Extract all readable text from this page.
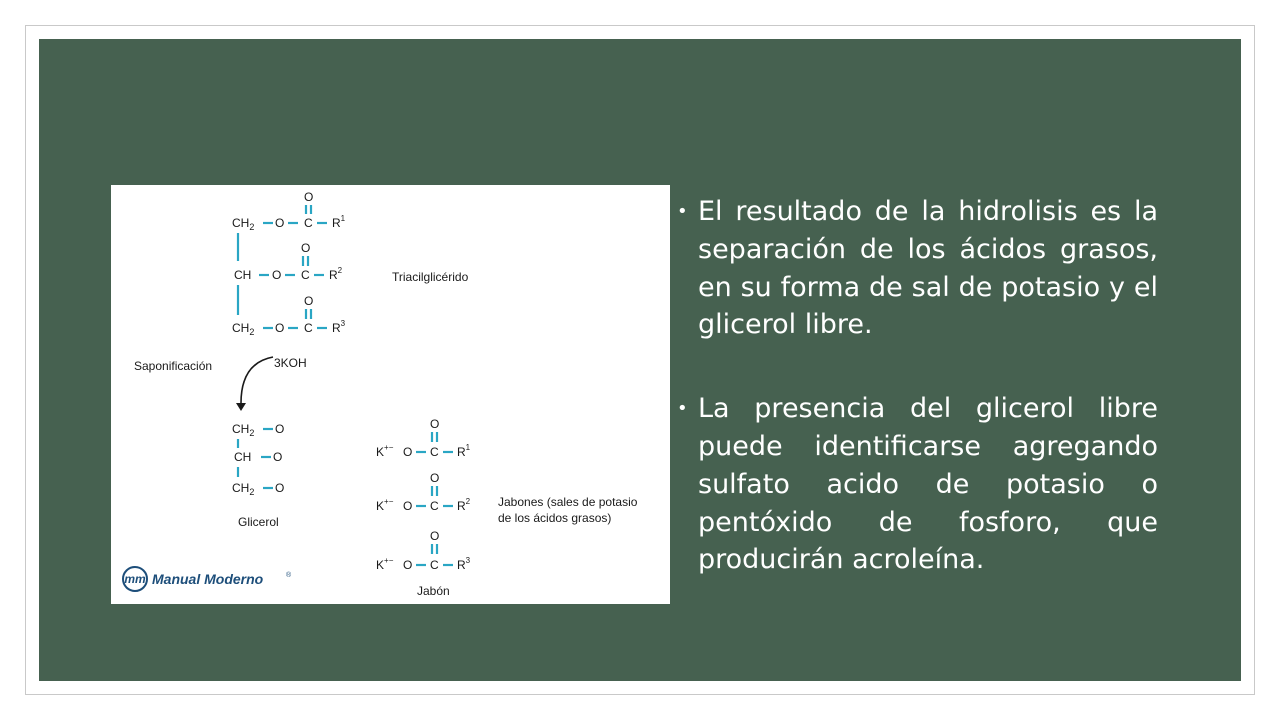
$CH_2$ O C $R^1$
O
CH O C $R^2$
O
$CH_2$ O C $R^3$
O
Triacilglicérido
Saponificación	3KOH
$CH_2$ O
CH O
$CH_2$ O
Glicerol
K+− O C $R^1$
O
K+− O C $R^2$
O
K+− O C $R^3$
O
Jabones (sales de potasio
de los ácidos grasos)
Jabón
mm Manual Moderno	®
• El resultado de la hidrolisis es la separación de los ácidos grasos, en su forma de sal de potasio y el glicerol libre.
• La presencia del glicerol libre puede identificarse agregando sulfato acido de potasio o pentóxido de fosforo, que producirán acroleína.
